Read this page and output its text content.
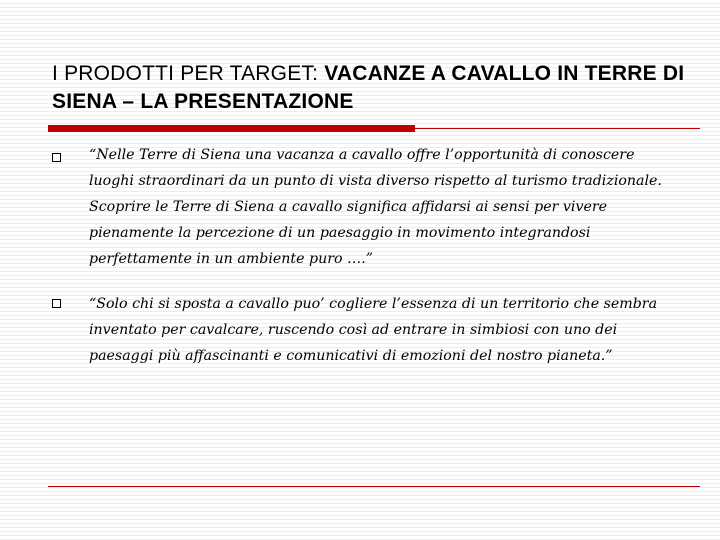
I PRODOTTI PER TARGET: VACANZE A CAVALLO IN TERRE DI SIENA – LA PRESENTAZIONE
“Nelle Terre di Siena una vacanza a cavallo offre l’opportunità di conoscere luoghi straordinari da un punto di vista diverso rispetto al turismo tradizionale. Scoprire le Terre di Siena a cavallo significa affidarsi ai sensi per vivere pienamente la percezione di un paesaggio in movimento integrandosi perfettamente in un ambiente puro ….”
“Solo chi si sposta a cavallo puo’ cogliere l’essenza di un territorio che sembra inventato per cavalcare, ruscendo così ad entrare in simbiosi con uno dei paesaggi più affascinanti e comunicativi di emozioni del nostro pianeta.”
